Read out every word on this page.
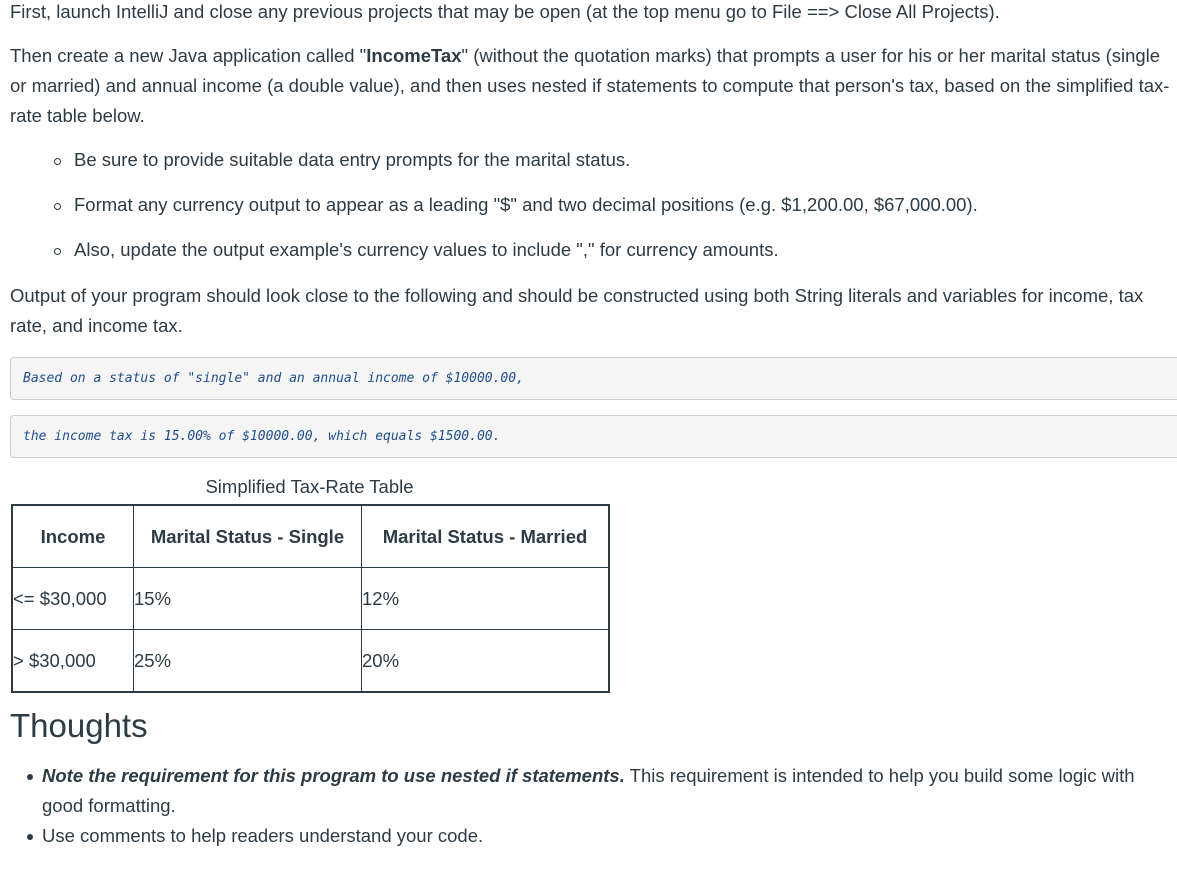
First, launch IntelliJ and close any previous projects that may be open (at the top menu go to File ==> Close All Projects).

Then create a new Java application called "IncomeTax" (without the quotation marks) that prompts a user for his or her marital status (single or married) and annual income (a double value), and then uses nested if statements to compute that person's tax, based on the simplified tax-rate table below.

Be sure to provide suitable data entry prompts for the marital status.
Format any currency output to appear as a leading "$" and two decimal positions (e.g. $1,200.00, $67,000.00).
Also, update the output example's currency values to include "," for currency amounts.

Output of your program should look close to the following and should be constructed using both String literals and variables for income, tax rate, and income tax.

Based on a status of "single" and an annual income of $10000.00,
the income tax is 15.00% of $10000.00, which equals $1500.00.
Simplified Tax-Rate Table
Income	Marital Status - Single	Marital Status - Married
<= $30,000	15%	12%
> $30,000	25%	20%
Thoughts
Note the requirement for this program to use nested if statements. This requirement is intended to help you build some logic with good formatting.
Use comments to help readers understand your code.
